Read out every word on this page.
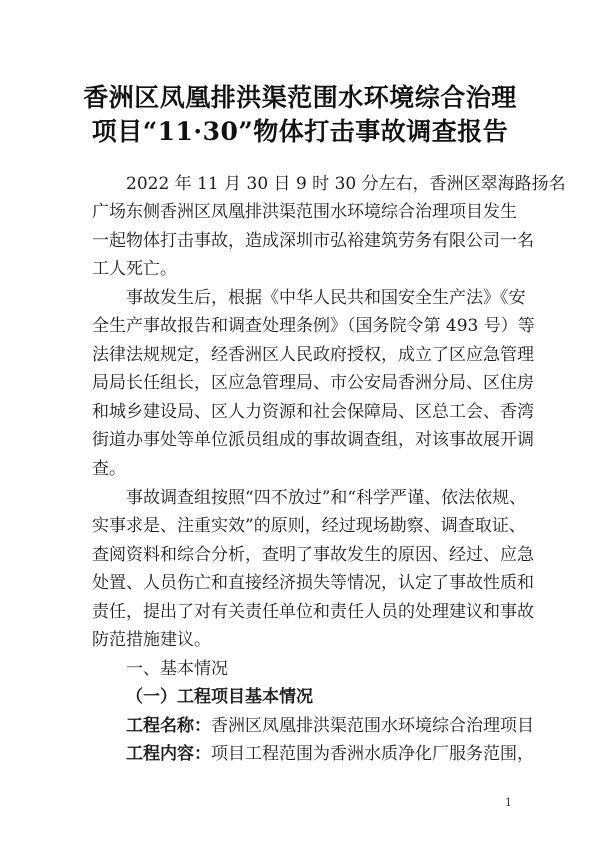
香洲区凤凰排洪渠范围水环境综合治理
项目“11·30”物体打击事故调查报告
2022 年 11 月 30 日 9 时 30 分左右，香洲区翠海路扬名
广场东侧香洲区凤凰排洪渠范围水环境综合治理项目发生
一起物体打击事故，造成深圳市弘裕建筑劳务有限公司一名
工人死亡。
事故发生后，根据《中华人民共和国安全生产法》《安
全生产事故报告和调查处理条例》（国务院令第 493 号）等
法律法规规定，经香洲区人民政府授权，成立了区应急管理
局局长任组长，区应急管理局、市公安局香洲分局、区住房
和城乡建设局、区人力资源和社会保障局、区总工会、香湾
街道办事处等单位派员组成的事故调查组，对该事故展开调
查。
事故调查组按照“四不放过”和“科学严谨、依法依规、
实事求是、注重实效”的原则，经过现场勘察、调查取证、
查阅资料和综合分析，查明了事故发生的原因、经过、应急
处置、人员伤亡和直接经济损失等情况，认定了事故性质和
责任，提出了对有关责任单位和责任人员的处理建议和事故
防范措施建议。
一、基本情况
（一）工程项目基本情况
工程名称：香洲区凤凰排洪渠范围水环境综合治理项目
工程内容：项目工程范围为香洲水质净化厂服务范围，
1
